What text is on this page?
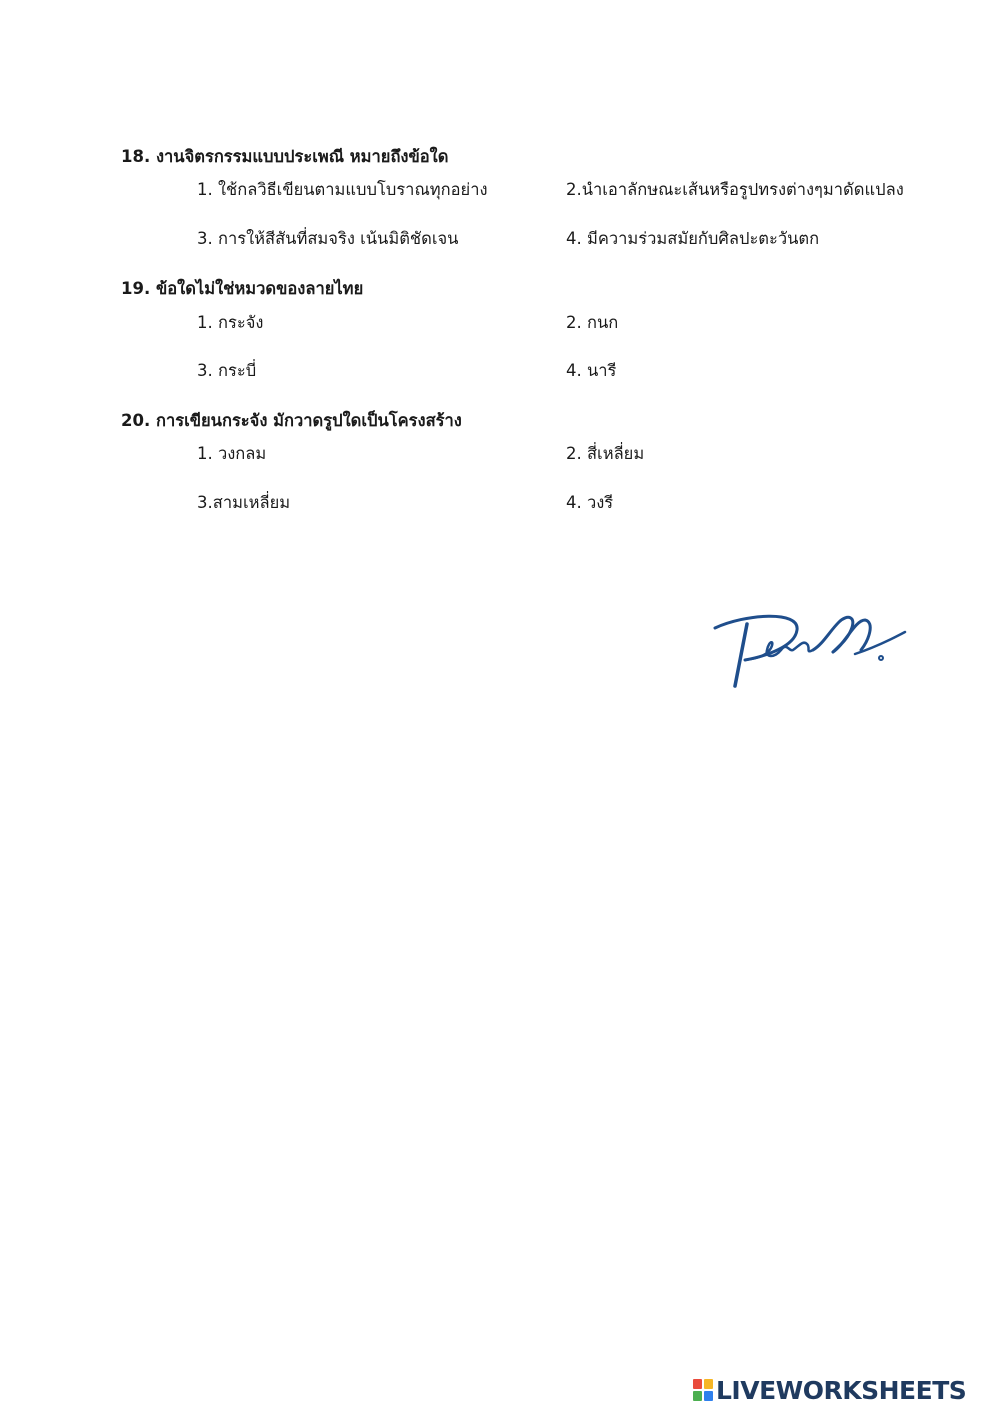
18. งานจิตรกรรมแบบประเพณี หมายถึงข้อใด
1. ใช้กลวิธีเขียนตามแบบโบราณทุกอย่าง	2.นำเอาลักษณะเส้นหรือรูปทรงต่างๆมาดัดแปลง
3. การให้สีสันที่สมจริง เน้นมิติชัดเจน	4. มีความร่วมสมัยกับศิลปะตะวันตก
19. ข้อใดไม่ใช่หมวดของลายไทย
1. กระจัง	2. กนก
3. กระบี่	4. นารี
20. การเขียนกระจัง มักวาดรูปใดเป็นโครงสร้าง
1. วงกลม	2. สี่เหลี่ยม
3.สามเหลี่ยม	4. วงรี
LIVEWORKSHEETS
